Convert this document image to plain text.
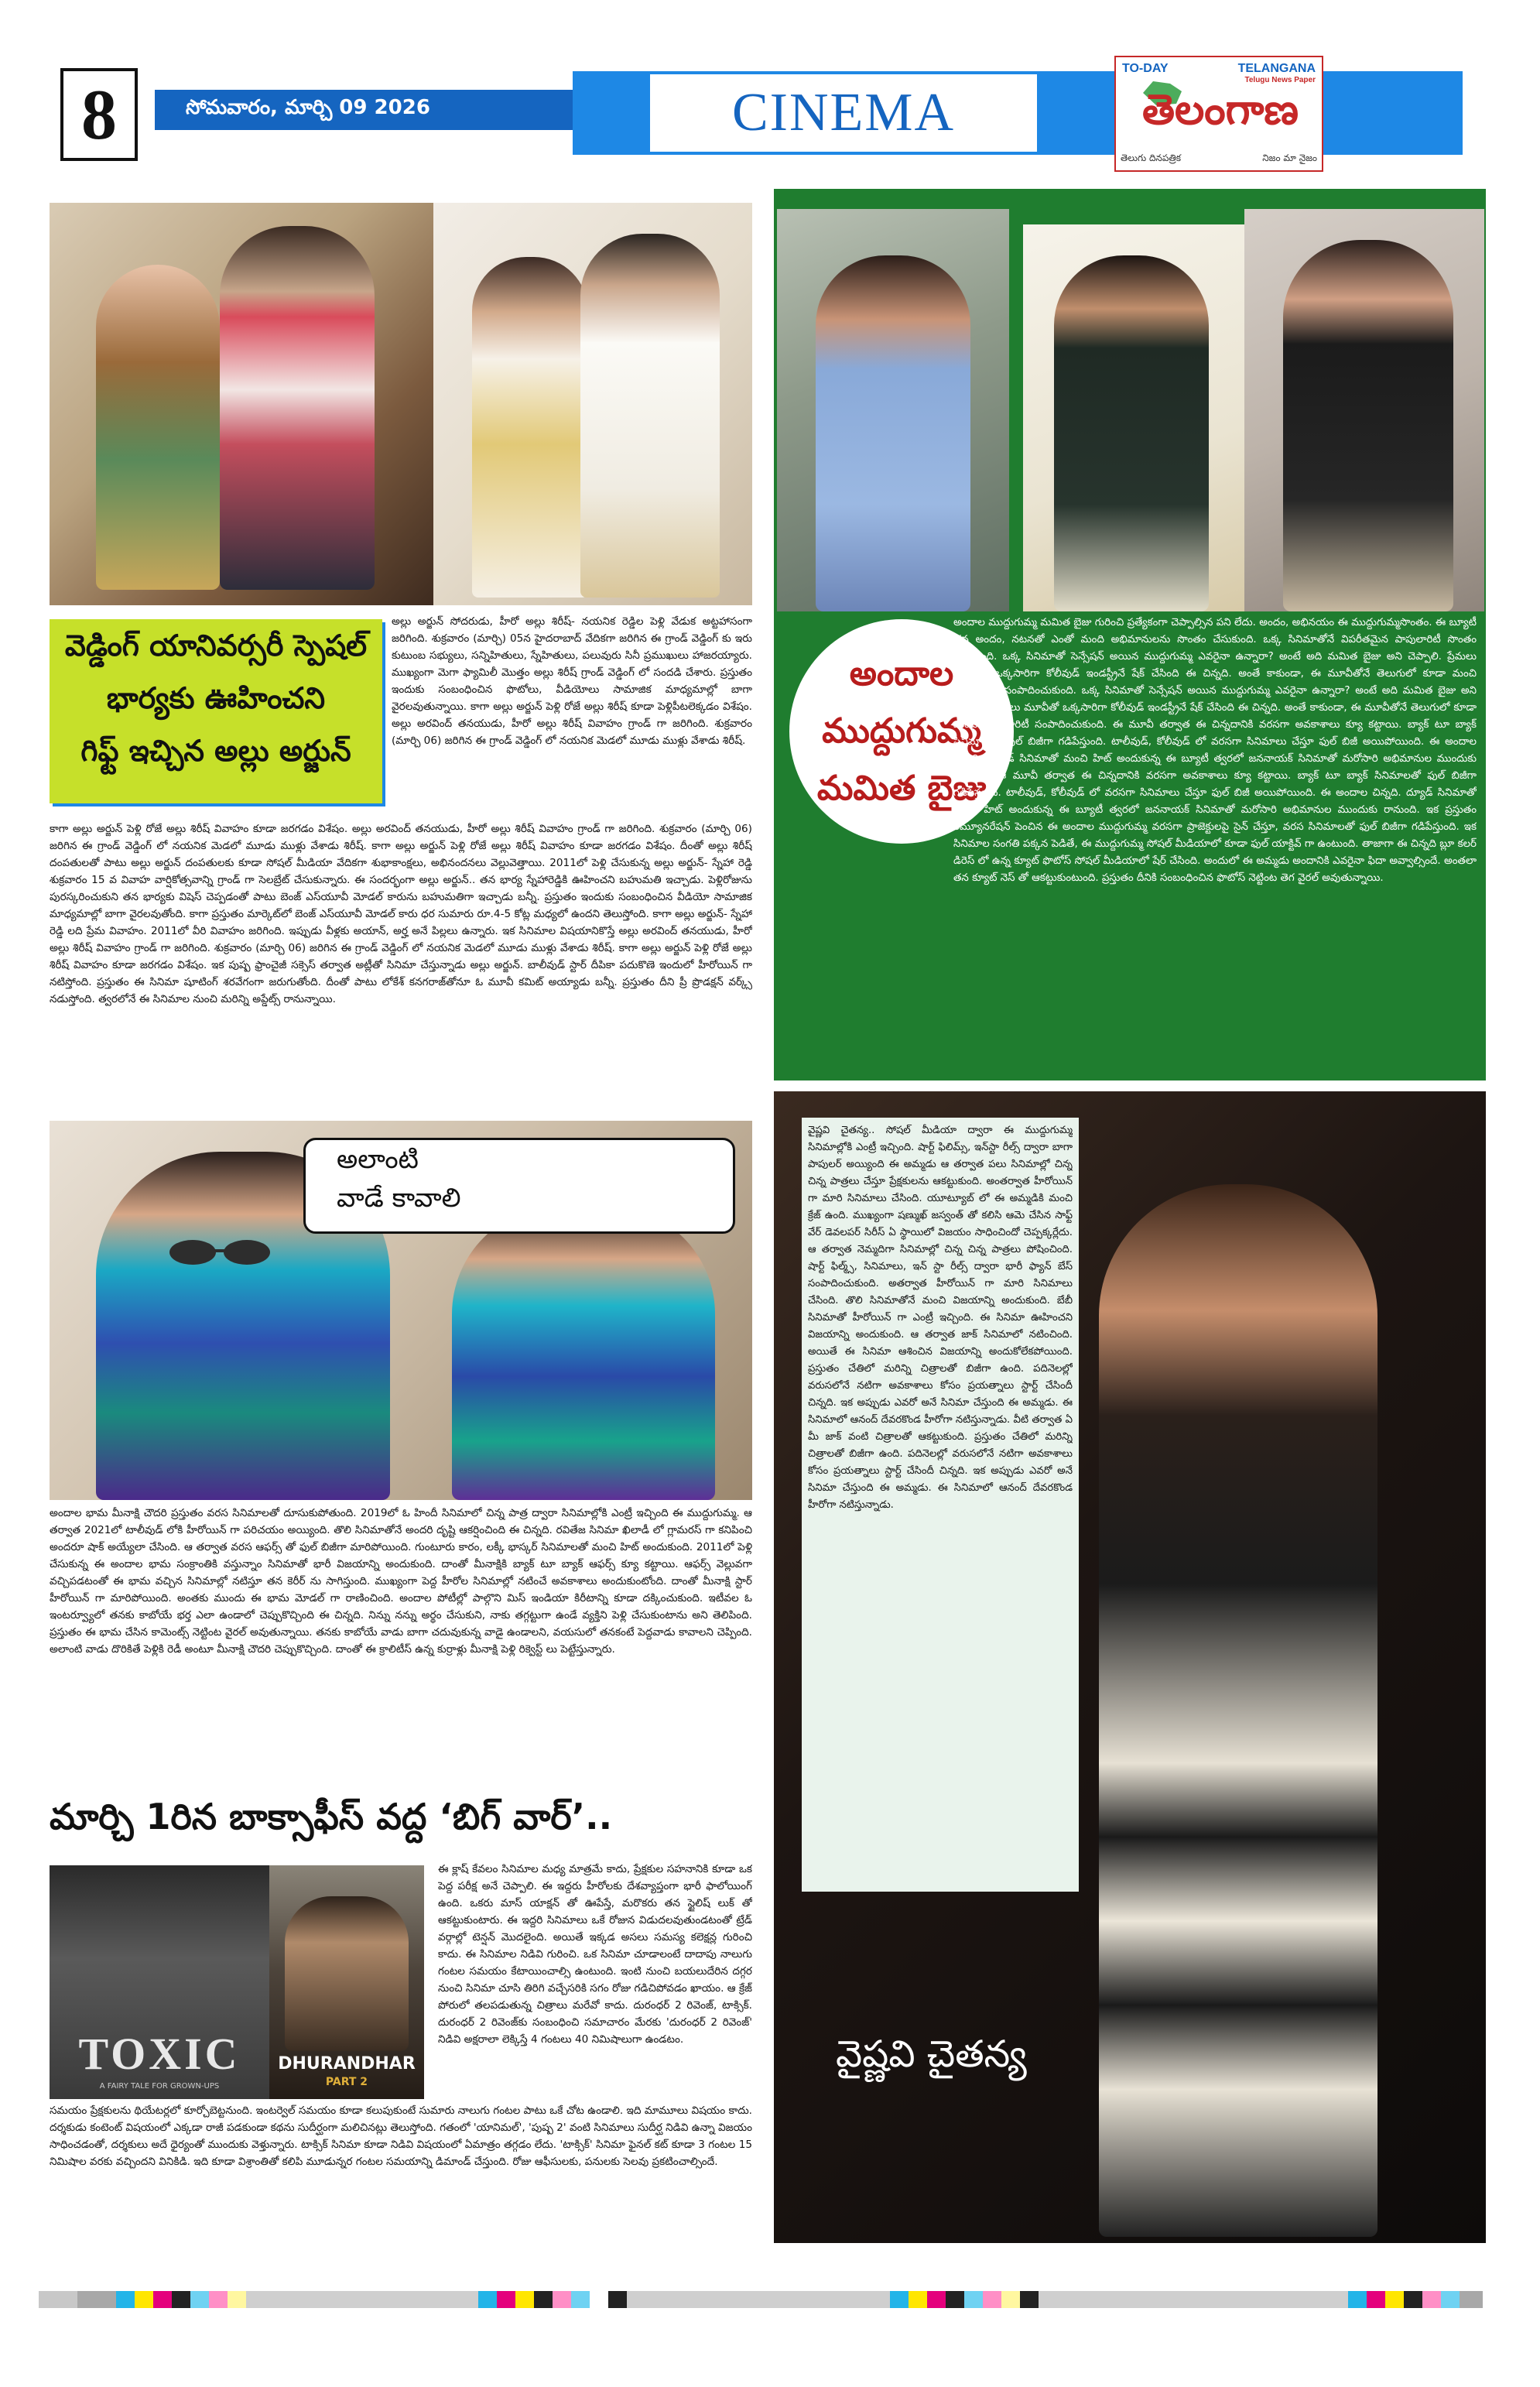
8	సోమవారం, మార్చి 09 2026	CINEMA
TO-DAY	TELANGANA
Telugu News Paper
తెలంగాణ
తెలుగు దినపత్రిక	నిజం మా నైజం
వెడ్డింగ్ యానివర్సరీ స్పెషల్
భార్యకు ఊహించని
గిఫ్ట్ ఇచ్చిన అల్లు అర్జున్
అల్లు అర్జున్ సోదరుడు, హీరో అల్లు శిరీష్- నయనిక రెడ్డిల పెళ్లి వేడుక అట్టహాసంగా జరిగింది. శుక్రవారం (మార్చి) 05న హైదరాబాద్ వేదికగా జరిగిన ఈ గ్రాండ్ వెడ్డింగ్ కు ఇరు కుటుంబ సభ్యులు, సన్నిహితులు, స్నేహితులు, పలువురు సినీ ప్రముఖులు హాజరయ్యారు. ముఖ్యంగా మెగా ఫ్యామిలీ మొత్తం అల్లు శిరీష్ గ్రాండ్ వెడ్డింగ్ లో సందడి చేశారు. ప్రస్తుతం ఇందుకు సంబంధించిన ఫొటోలు, వీడియోలు సామాజిక మాధ్యమాల్లో బాగా వైరలవుతున్నాయి. కాగా అల్లు అర్జున్ పెళ్లి రోజే అల్లు శిరీష్ కూడా పెళ్లిపీటలెక్కడం విశేషం. అల్లు అరవింద్ తనయుడు, హీరో అల్లు శిరీష్ వివాహం గ్రాండ్ గా జరిగింది. శుక్రవారం (మార్చి 06) జరిగిన ఈ గ్రాండ్ వెడ్డింగ్ లో నయనిక మెడలో మూడు ముళ్లు వేశాడు శిరీష్.
కాగా అల్లు అర్జున్ పెళ్లి రోజే అల్లు శిరీష్ వివాహం కూడా జరగడం విశేషం. అల్లు అరవింద్ తనయుడు, హీరో అల్లు శిరీష్ వివాహం గ్రాండ్ గా జరిగింది. శుక్రవారం (మార్చి 06) జరిగిన ఈ గ్రాండ్ వెడ్డింగ్ లో నయనిక మెడలో మూడు ముళ్లు వేశాడు శిరీష్. కాగా అల్లు అర్జున్ పెళ్లి రోజే అల్లు శిరీష్ వివాహం కూడా జరగడం విశేషం. దీంతో అల్లు శిరీష్ దంపతులతో పాటు అల్లు అర్జున్ దంపతులకు కూడా సోషల్ మీడియా వేదికగా శుభాకాంక్షలు, అభినందనలు వెల్లువెత్తాయి. 2011లో పెళ్లి చేసుకున్న అల్లు అర్జున్- స్నేహా రెడ్డి శుక్రవారం 15 వ వివాహ వార్షికోత్సవాన్ని గ్రాండ్ గా సెలబ్రేట్ చేసుకున్నారు. ఈ సందర్భంగా అల్లు అర్జున్.. తన భార్య స్నేహారెడ్డికి ఊహించని బహుమతి ఇచ్చాడు. పెళ్లిరోజును పురస్కరించుకుని తన భార్యకు విషెస్ చెప్పడంతో పాటు బెంజ్ ఎస్‌యూవీ మోడల్ కారును బహుమతిగా ఇచ్చాడు బన్నీ. ప్రస్తుతం ఇందుకు సంబంధించిన వీడియో సామాజిక మాధ్యమాల్లో బాగా వైరలవుతోంది. కాగా ప్రస్తుతం మార్కెట్‌లో బెంజ్ ఎస్‌యూవీ మోడల్ కారు ధర సుమారు రూ.4-5 కోట్ల మధ్యలో ఉందని తెలుస్తోంది. కాగా అల్లు అర్జున్- స్నేహా రెడ్డి లది ప్రేమ వివాహం. 2011లో వీరి వివాహం జరిగింది. ఇప్పుడు వీళ్లకు అయాన్, అర్హ అనే పిల్లలు ఉన్నారు. ఇక సినిమాల విషయానికొస్తే అల్లు అరవింద్ తనయుడు, హీరో అల్లు శిరీష్ వివాహం గ్రాండ్ గా జరిగింది. శుక్రవారం (మార్చి 06) జరిగిన ఈ గ్రాండ్ వెడ్డింగ్ లో నయనిక మెడలో మూడు ముళ్లు వేశాడు శిరీష్. కాగా అల్లు అర్జున్ పెళ్లి రోజే అల్లు శిరీష్ వివాహం కూడా జరగడం విశేషం. ఇక పుష్ప ఫ్రాంచైజీ సక్సెస్ తర్వాత అట్లీతో సినిమా చేస్తున్నాడు అల్లు అర్జున్. బాలీవుడ్ స్టార్ దీపికా పదుకొణె ఇందులో హీరోయిన్ గా నటిస్తోంది. ప్రస్తుతం ఈ సినిమా షూటింగ్ శరవేగంగా జరుగుతోంది. దీంతో పాటు లోకేశ్ కనగరాజ్‌తోనూ ఓ మూవీ కమిట్ అయ్యాడు బన్నీ. ప్రస్తుతం దీని ప్రీ ప్రొడక్షన్ వర్క్స్ నడుస్తోంది. త్వరలోనే ఈ సినిమాల నుంచి మరిన్ని అప్డేట్స్ రానున్నాయి.
అందాల
ముద్దుగుమ్మ
మమిత బైజు
అందాల ముద్దుగుమ్మ మమిత బైజు గురించి ప్రత్యేకంగా చెప్పాల్సిన పని లేదు. అందం, అభినయం ఈ ముద్దుగుమ్మసొంతం. ఈ బ్యూటీ తన అందం, నటనతో ఎంతో మంది అభిమానులను సొంతం చేసుకుంది. ఒక్క సినిమాతోనే విపరీతమైన పాపులారిటీ సొంతం చేసుకుంది. ఒక్క సినిమాతో సెన్సేషన్ అయిన ముద్దుగుమ్మ ఎవరైనా ఉన్నారా? అంటే అది మమిత బైజు అని చెప్పాలి. ప్రేమలు మూవీతో ఒక్కసారిగా కోలీవుడ్ ఇండస్ట్రీనే షేక్ చేసింది ఈ చిన్నది. అంతే కాకుండా, ఈ మూవీతోనే తెలుగులో కూడా మంచి పాపులారిటీ సంపాదించుకుంది. ఒక్క సినిమాతో సెన్సేషన్ అయిన ముద్దుగుమ్మ ఎవరైనా ఉన్నారా? అంటే అది మమిత బైజు అని చెప్పాలి. ప్రేమలు మూవీతో ఒక్కసారిగా కోలీవుడ్ ఇండస్ట్రీనే షేక్ చేసింది ఈ చిన్నది. అంతే కాకుండా, ఈ మూవీతోనే తెలుగులో కూడా మంచి పాపులారిటీ సంపాదించుకుంది. ఈ మూవీ తర్వాత ఈ చిన్నదానికి వరసగా అవకాశాలు క్యూ కట్టాయి. బ్యాక్ టూ బ్యాక్ సినిమాలతో ఫుల్ బిజీగా గడిపేస్తుంది. టాలీవుడ్, కోలీవుడ్ లో వరసగా సినిమాలు చేస్తూ ఫుల్ బిజీ అయిపోయింది. ఈ అందాల చిన్నది. ద్యూడ్ సినిమాతో మంచి హిట్ అందుకున్న ఈ బ్యూటీ త్వరలో జననాయక్ సినిమాతో మరోసారి అభిమానుల ముందుకు రానుంది. ఈ మూవీ తర్వాత ఈ చిన్నదానికి వరసగా అవకాశాలు క్యూ కట్టాయి. బ్యాక్ టూ బ్యాక్ సినిమాలతో ఫుల్ బిజీగా గడిపేస్తుంది. టాలీవుడ్, కోలీవుడ్ లో వరసగా సినిమాలు చేస్తూ ఫుల్ బిజీ అయిపోయింది. ఈ అందాల చిన్నది. ద్యూడ్ సినిమాతో మంచి హిట్ అందుకున్న ఈ బ్యూటీ త్వరలో జననాయక్ సినిమాతో మరోసారి అభిమానుల ముందుకు రానుంది. ఇక ప్రస్తుతం రెమ్యూనరేషన్ పెంచిన ఈ అందాల ముద్దుగుమ్మ వరసగా ప్రాజెక్టులపై సైన్ చేస్తూ, వరస సినిమాలతో ఫుల్ బిజీగా గడిపేస్తుంది. ఇక సినిమాల సంగతి పక్కన పెడితే, ఈ ముద్దుగుమ్మ సోషల్ మీడియాలో కూడా ఫుల్ యాక్టివ్ గా ఉంటుంది. తాజాగా ఈ చిన్నది బ్లూ కలర్ డిరెస్ లో ఉన్న క్యూట్ ఫొటోస్ సోషల్ మీడియాలో షేర్ చేసింది. అందులో ఈ అమ్మడు అందానికి ఎవరైనా ఫిదా అవ్వాల్సిందే. అంతలా తన క్యూట్ నెస్ తో ఆకట్టుకుంటుంది. ప్రస్తుతం దీనికి సంబంధించిన ఫొటోస్ నెట్టింట తెగ వైరల్ అవుతున్నాయి.
అలాంటి
వాడే కావాలి
అందాల భామ మీనాక్షి చౌదరి ప్రస్తుతం వరస సినిమాలతో దూసుకుపోతుంది. 2019లో ఓ హిందీ సినిమాలో చిన్న పాత్ర ద్వారా సినిమాల్లోకి ఎంట్రీ ఇచ్చింది ఈ ముద్దుగుమ్మ. ఆ తర్వాత 2021లో టాలీవుడ్ లోకి హీరోయిన్ గా పరిచయం అయ్యింది. తొలి సినిమాతోనే అందరి దృష్టి ఆకర్షించింది ఈ చిన్నది. రవితేజ సినిమా ఖిలాడీ లో గ్లామరస్ గా కనిపించి అందరూ షాక్ అయ్యేలా చేసింది. ఆ తర్వాత వరస ఆఫర్స్ తో ఫుల్ బిజీగా మారిపోయింది. గుంటూరు కారం, లక్కీ భాస్కర్ సినిమాలతో మంచి హిట్ అందుకుంది. 2011లో పెళ్లి చేసుకున్న ఈ అందాల భామ సంక్రాంతికి వస్తున్నాం సినిమాతో భారీ విజయాన్ని అందుకుంది. దాంతో మీనాక్షికి బ్యాక్ టూ బ్యాక్ ఆఫర్స్ క్యూ కట్టాయి. ఆఫర్స్ వెల్లువగా వచ్చిపడటంతో ఈ భామ వచ్చిన సినిమాల్లో నటిస్తూ తన కెరీర్ ను సాగిస్తుంది. ముఖ్యంగా పెద్ద హీరోల సినిమాల్లో నటించే అవకాశాలు అందుకుంటోంది. దాంతో మీనాక్షి స్టార్ హీరోయిన్ గా మారిపోయింది. అంతకు ముందు ఈ భామ మోడల్ గా రాణించింది. అందాల పోటీల్లో పాల్గొని మిస్ ఇండియా కిరీటాన్ని కూడా దక్కించుకుంది. ఇటీవల ఓ ఇంటర్వ్యూలో తనకు కాబోయే భర్త ఎలా ఉండాలో చెప్పుకొచ్చింది ఈ చిన్నది. నిన్ను నన్ను అర్థం చేసుకుని, నాకు తగ్గట్టుగా ఉండే వ్యక్తిని పెళ్లి చేసుకుంటాను అని తెలిపింది. ప్రస్తుతం ఈ భామ చేసిన కామెంట్స్ నెట్టింట వైరల్ అవుతున్నాయి. తనకు కాబోయే వాడు బాగా చదువుకున్న వాడై ఉండాలని, వయసులో తనకంటే పెద్దవాడు కావాలని చెప్పింది. అలాంటి వాడు దొరికితే పెళ్లికి రెడీ అంటూ మీనాక్షి చౌదరి చెప్పుకొచ్చింది. దాంతో ఈ క్రాలిటీస్ ఉన్న కుర్రాళ్లు మీనాక్షి పెళ్లి రిక్వెస్ట్ లు పెట్టేస్తున్నారు.
మార్చి 1రిన బాక్సాఫీస్ వద్ద ‘బిగ్ వార్’..
TOXIC
A FAIRY TALE FOR GROWN-UPS
DHURANDHAR
PART 2
ఈ క్లాష్ కేవలం సినిమాల మధ్య మాత్రమే కాదు, ప్రేక్షకుల సహనానికి కూడా ఒక పెద్ద పరీక్ష అనే చెప్పాలి. ఈ ఇద్దరు హీరోలకు దేశవ్యాప్తంగా భారీ ఫాలోయింగ్ ఉంది. ఒకరు మాస్ యాక్షన్ తో ఊపేస్తే, మరొకరు తన స్టైలిష్ లుక్ తో ఆకట్టుకుంటారు. ఈ ఇద్దరి సినిమాలు ఒకే రోజున విడుదలవుతుండటంతో ట్రేడ్ వర్గాల్లో టెన్షన్ మొదలైంది. అయితే ఇక్కడ అసలు సమస్య కలెక్షన్ల గురించి కాదు. ఈ సినిమాల నిడివి గురించి. ఒక సినిమా చూడాలంటే దాదాపు నాలుగు గంటల సమయం కేటాయించాల్సి ఉంటుంది. ఇంటి నుంచి బయలుదేరిన దగ్గర నుంచి సినిమా చూసి తిరిగి వచ్చేసరికి సగం రోజు గడిచిపోవడం ఖాయం. ఆ క్రేజ్ పోరులో తలపడుతున్న చిత్రాలు మరేవో కాదు. దురంధర్ 2 రివెంజ్, టాక్సిక్. దురంధర్ 2 రివెంజ్‌కు సంబంధించి సమాచారం మేరకు 'దురంధర్ 2 రివెంజ్' నిడివి అక్షరాలా లెక్కిస్తే 4 గంటలు 40 నిమిషాలుగా ఉండటం.
సమయం ప్రేక్షకులను థియేటర్లలో కూర్చోబెట్టనుంది. ఇంటర్వెల్ సమయం కూడా కలుపుకుంటే సుమారు నాలుగు గంటల పాటు ఒకే చోట ఉండాలి. ఇది మామూలు విషయం కాదు. దర్శకుడు కంటెంట్ విషయంలో ఎక్కడా రాజీ పడకుండా కథను సుదీర్ఘంగా మలిచినట్లు తెలుస్తోంది. గతంలో 'యానిమల్', 'పుష్ప 2' వంటి సినిమాలు సుదీర్ఘ నిడివి ఉన్నా విజయం సాధించడంతో, దర్శకులు అదే ధైర్యంతో ముందుకు వెళ్తున్నారు. టాక్సిక్ సినిమా కూడా నిడివి విషయంలో ఏమాత్రం తగ్గడం లేదు. 'టాక్సిక్' సినిమా ఫైనల్ కట్ కూడా 3 గంటల 15 నిమిషాల వరకు వచ్చిందని వినికిడి. ఇది కూడా విశ్రాంతితో కలిపి మూడున్నర గంటల సమయాన్ని డిమాండ్ చేస్తుంది. రోజు ఆఫీసులకు, పనులకు సెలవు ప్రకటించాల్సిందే.
వైష్ణవి చైతన్య.. సోషల్ మీడియా ద్వారా ఈ ముద్దుగుమ్మ సినిమాల్లోకి ఎంట్రీ ఇచ్చింది. షార్ట్ ఫిలిమ్స్, ఇన్‌స్టా రీల్స్ ద్వారా బాగా పాపులర్ అయ్యింది ఈ అమ్మడు ఆ తర్వాత పలు సినిమాల్లో చిన్న చిన్న పాత్రలు చేస్తూ ప్రేక్షకులను ఆకట్టుకుంది. అంతర్వాత హీరోయిన్ గా మారి సినిమాలు చేసింది. యూట్యూబ్ లో ఈ అమ్మడికి మంచి క్రేజ్ ఉంది. ముఖ్యంగా షణ్ముఖ్ జస్వంత్ తో కలిసి ఆమె చేసిన సాఫ్ట్ వేర్ డెవలపర్ సిరీస్ ఏ స్థాయిలో విజయం సాధించిందో చెప్పక్కర్లేదు. ఆ తర్వాత నెమ్మదిగా సినిమాల్లో చిన్న చిన్న పాత్రలు పోషించింది. షార్ట్ ఫిల్మ్స్, సినిమాలు, ఇన్ స్టా రీల్స్ ద్వారా భారీ ఫ్యాన్ బేస్ సంపాదించుకుంది. అతర్వాత హీరోయిన్ గా మారి సినిమాలు చేసింది. తొలి సినిమాతోనే మంచి విజయాన్ని అందుకుంది. బేబీ సినిమాతో హీరోయిన్ గా ఎంట్రీ ఇచ్చింది. ఈ సినిమా ఊహించని విజయాన్ని అందుకుంది. ఆ తర్వాత జాక్ సినిమాలో నటించింది. అయితే ఈ సినిమా ఆశించిన విజయాన్ని అందుకోలేకపోయింది. ప్రస్తుతం చేతిలో మరిన్ని చిత్రాలతో బిజీగా ఉంది. పదినెలల్లో వరుసలోనే నటిగా అవకాశాలు కోసం ప్రయత్నాలు స్టార్ట్ చేసిందీ చిన్నది. ఇక అప్పుడు ఎవరో అనే సినిమా చేస్తుంది ఈ అమ్మడు. ఈ సినిమాలో ఆనంద్ దేవరకొండ హీరోగా నటిస్తున్నాడు. వీటి తర్వాత ఏ మీ జాక్ వంటి చిత్రాలతో ఆకట్టుకుంది. ప్రస్తుతం చేతిలో మరిన్ని చిత్రాలతో బిజీగా ఉంది. పదినెలల్లో వరుసలోనే నటిగా అవకాశాలు కోసం ప్రయత్నాలు స్టార్ట్ చేసిందీ చిన్నది. ఇక అప్పుడు ఎవరో అనే సినిమా చేస్తుంది ఈ అమ్మడు. ఈ సినిమాలో ఆనంద్ దేవరకొండ హీరోగా నటిస్తున్నాడు.
వైష్ణవి చైతన్య
